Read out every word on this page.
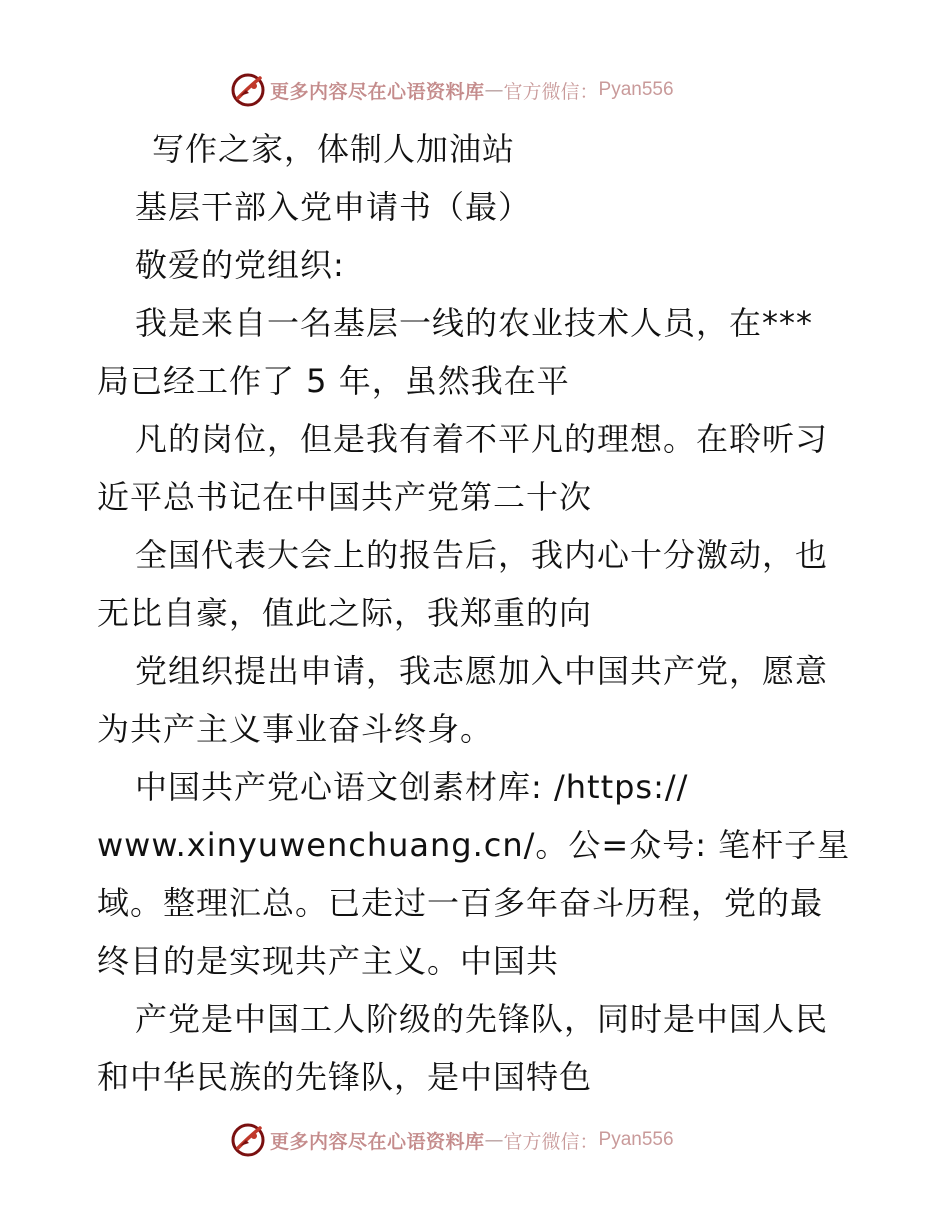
更多内容尽在心语资料库 — 官方微信： Pyan556
写作之家，体制人加油站
基层干部入党申请书（最）
敬爱的党组织:
我是来自一名基层一线的农业技术人员，在***
局已经工作了 5 年，虽然我在平
凡的岗位，但是我有着不平凡的理想。在聆听习
近平总书记在中国共产党第二十次
全国代表大会上的报告后，我内心十分激动，也
无比自豪，值此之际，我郑重的向
党组织提出申请，我志愿加入中国共产党，愿意
为共产主义事业奋斗终身。
中国共产党心语文创素材库: /https://
www.xinyuwenchuang.cn/。公=众号: 笔杆子星
域。整理汇总。已走过一百多年奋斗历程，党的最
终目的是实现共产主义。中国共
产党是中国工人阶级的先锋队，同时是中国人民
和中华民族的先锋队，是中国特色
更多内容尽在心语资料库 — 官方微信： Pyan556
